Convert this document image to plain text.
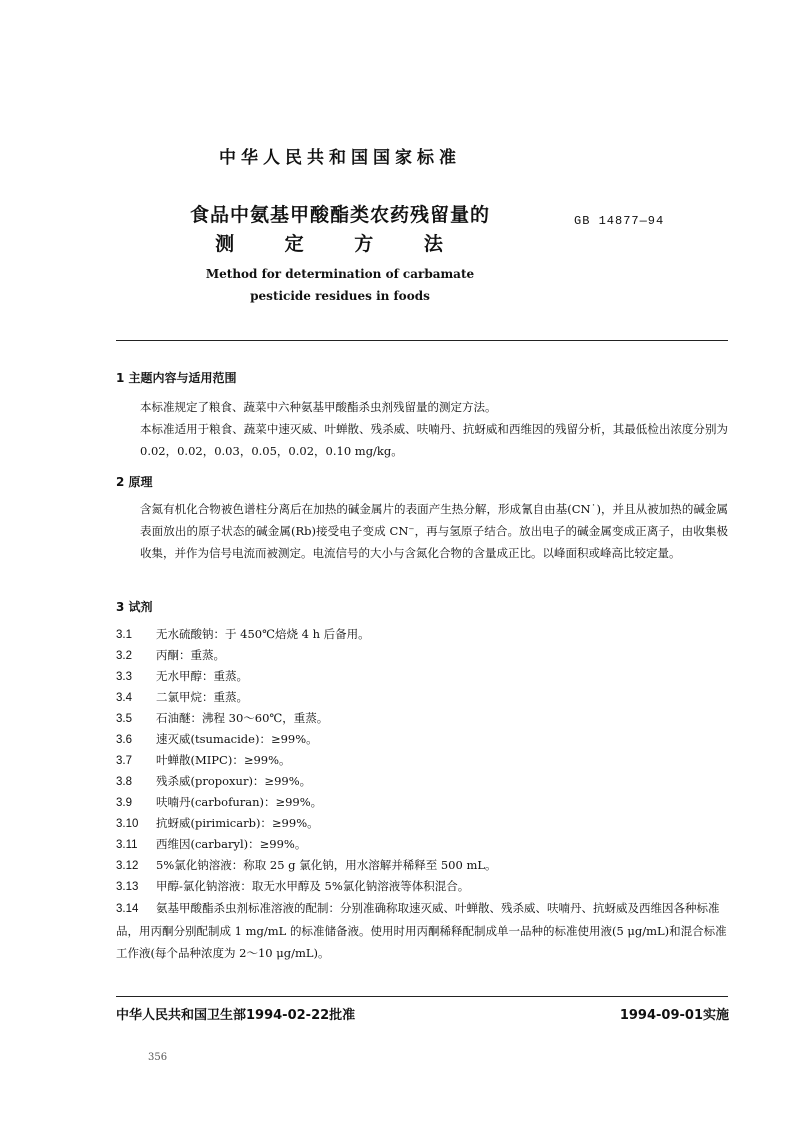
中华人民共和国国家标准
食品中氨基甲酸酯类农药残留量的
测 定 方 法
GB 14877—94
Method for determination of carbamate
pesticide residues in foods
1 主题内容与适用范围
本标准规定了粮食、蔬菜中六种氨基甲酸酯杀虫剂残留量的测定方法。
本标准适用于粮食、蔬菜中速灭威、叶蝉散、残杀威、呋喃丹、抗蚜威和西维因的残留分析，其最低检出浓度分别为 0.02，0.02，0.03，0.05，0.02，0.10 mg/kg。
2 原理
含氮有机化合物被色谱柱分离后在加热的碱金属片的表面产生热分解，形成氰自由基(CN˙)，并且从被加热的碱金属表面放出的原子状态的碱金属(Rb)接受电子变成 CN⁻，再与氢原子结合。放出电子的碱金属变成正离子，由收集极收集，并作为信号电流而被测定。电流信号的大小与含氮化合物的含量成正比。以峰面积或峰高比较定量。
3 试剂
3.1 无水硫酸钠：于 450℃焙烧 4 h 后备用。
3.2 丙酮：重蒸。
3.3 无水甲醇：重蒸。
3.4 二氯甲烷：重蒸。
3.5 石油醚：沸程 30～60℃，重蒸。
3.6 速灭威(tsumacide)：≥99%。
3.7 叶蝉散(MIPC)：≥99%。
3.8 残杀威(propoxur)：≥99%。
3.9 呋喃丹(carbofuran)：≥99%。
3.10 抗蚜威(pirimicarb)：≥99%。
3.11 西维因(carbaryl)：≥99%。
3.12 5%氯化钠溶液：称取 25 g 氯化钠，用水溶解并稀释至 500 mL。
3.13 甲醇-氯化钠溶液：取无水甲醇及 5%氯化钠溶液等体积混合。
3.14 氨基甲酸酯杀虫剂标准溶液的配制：分别准确称取速灭威、叶蝉散、残杀威、呋喃丹、抗蚜威及西维因各种标准品，用丙酮分别配制成 1 mg/mL 的标准储备液。使用时用丙酮稀释配制成单一品种的标准使用液(5 μg/mL)和混合标准工作液(每个品种浓度为 2～10 μg/mL)。
中华人民共和国卫生部1994-02-22批准	1994-09-01实施
356
